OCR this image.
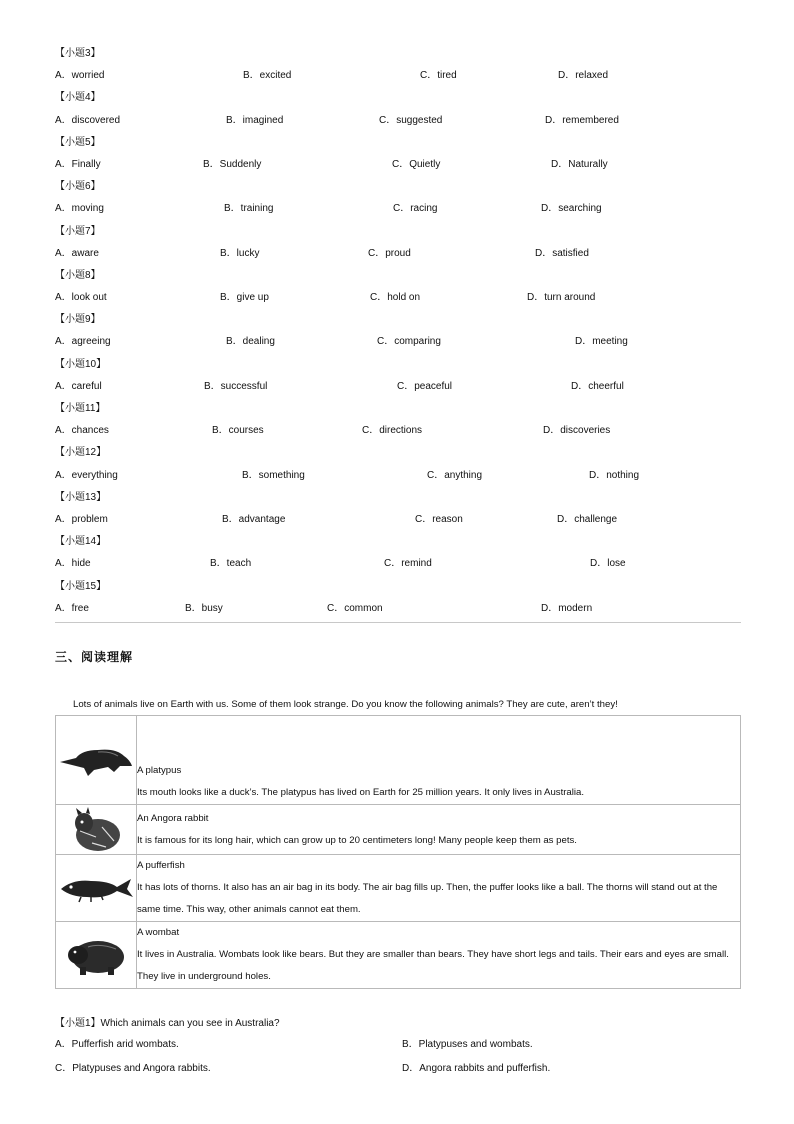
【小题3】
A．worried	B．excited	C．tired	D．relaxed
【小题4】
A．discovered	B．imagined	C．suggested	D．remembered
【小题5】
A．Finally	B．Suddenly	C．Quietly	D．Naturally
【小题6】
A．moving	B．training	C．racing	D．searching
【小题7】
A．aware	B．lucky	C．proud	D．satisfied
【小题8】
A．look out	B．give up	C．hold on	D．turn around
【小题9】
A．agreeing	B．dealing	C．comparing	D．meeting
【小题10】
A．careful	B．successful	C．peaceful	D．cheerful
【小题11】
A．chances	B．courses	C．directions	D．discoveries
【小题12】
A．everything	B．something	C．anything	D．nothing
【小题13】
A．problem	B．advantage	C．reason	D．challenge
【小题14】
A．hide	B．teach	C．remind	D．lose
【小题15】
A．free	B．busy	C．common	D．modern
三、阅读理解
Lots of animals live on Earth with us. Some of them look strange. Do you know the following animals? They are cute, aren’t they!

A platypus
Its mouth looks like a duck’s. The platypus has lived on Earth for 25 million years. It only lives in Australia.

An Angora rabbit
It is famous for its long hair, which can grow up to 20 centimeters long! Many people keep them as pets.

A pufferfish
It has lots of thorns. It also has an air bag in its body. The air bag fills up. Then, the puffer looks like a ball. The thorns will stand out at the same time. This way, other animals cannot eat them.

A wombat
It lives in Australia. Wombats look like bears. But they are smaller than bears. They have short legs and tails. Their ears and eyes are small. They live in underground holes.
【小题1】Which animals can you see in Australia?
A．Pufferfish arid wombats.	B．Platypuses and wombats.
C．Platypuses and Angora rabbits.	D．Angora rabbits and pufferfish.
